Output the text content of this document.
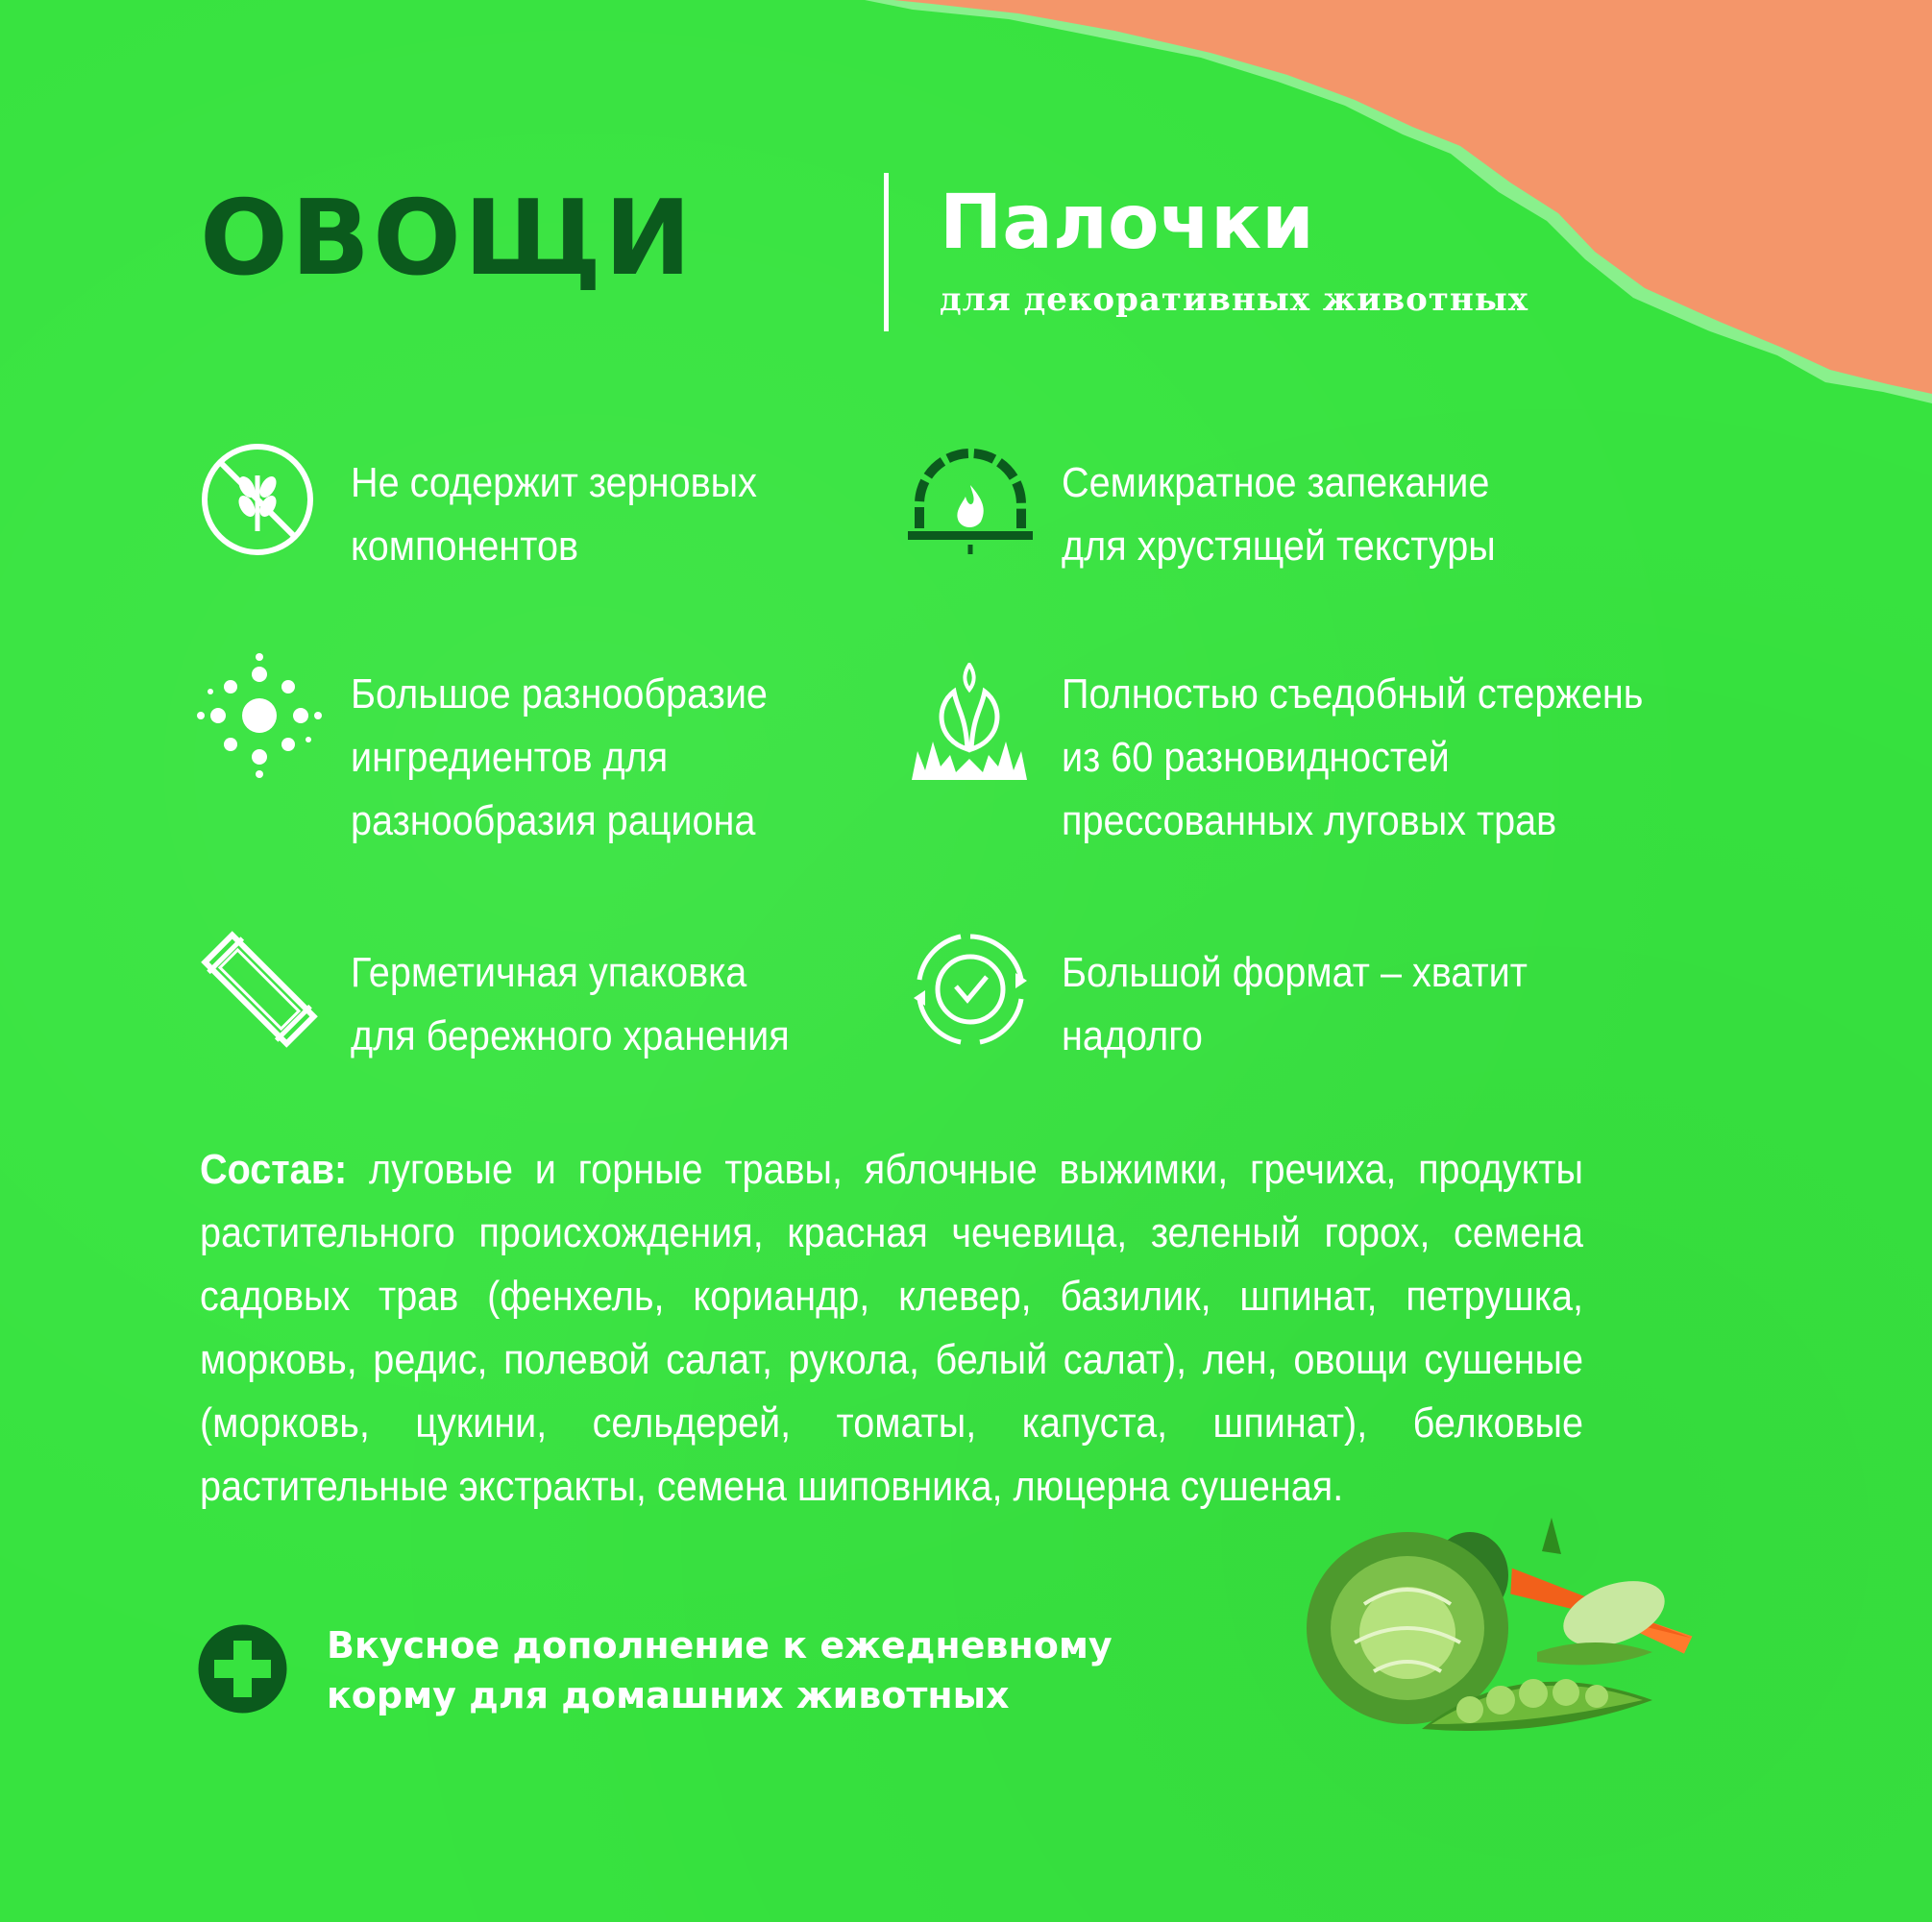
ОВОЩИ	Палочки
для декоративных животных
Не содержит зерновых
компонентов
Семикратное запекание
для хрустящей текстуры
Большое разнообразие
ингредиентов для
разнообразия рациона
Полностью съедобный стержень
из 60 разновидностей
прессованных луговых трав
Герметичная упаковка
для бережного хранения
Большой формат – хватит
надолго
Состав: луговые и горные травы, яблочные выжимки, гречиха, продукты растительного происхождения, красная чечевица, зеленый горох, семена садовых трав (фенхель, кориандр, клевер, базилик, шпинат, петрушка, морковь, редис, полевой салат, рукола, белый салат), лен, овощи сушеные (морковь, цукини, сельдерей, томаты, капуста, шпинат), белковые растительные экстракты, семена шиповника, люцерна сушеная.
Вкусное дополнение к ежедневному
корму для домашних животных
